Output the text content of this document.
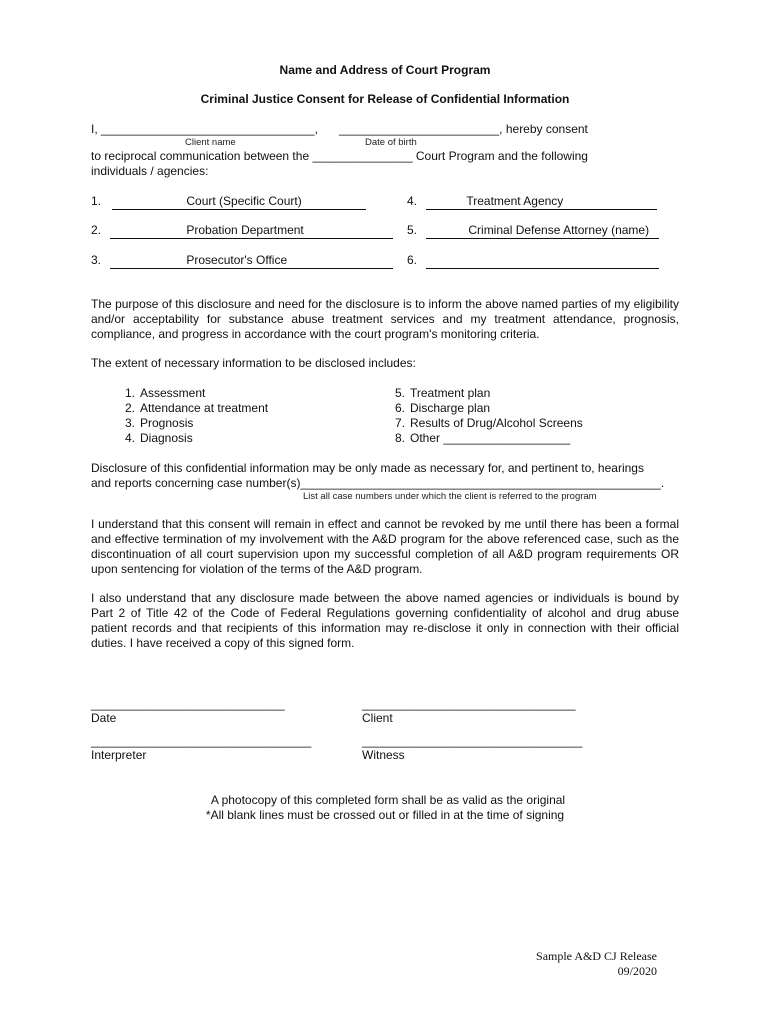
Name and Address of Court Program
Criminal Justice Consent for Release of Confidential Information
I, ________________________________, ________________________, hereby consent
Client name	Date of birth
to reciprocal communication between the _______________ Court Program and the following
individuals / agencies:
1.	Court (Specific Court)

2.	Probation Department

3.	Prosecutor's Office

4.	Treatment Agency

5.	Criminal Defense Attorney (name)

6.
The purpose of this disclosure and need for the disclosure is to inform the above named parties of my eligibility and/or acceptability for substance abuse treatment services and my treatment attendance, prognosis, compliance, and progress in accordance with the court program's monitoring criteria.
The extent of necessary information to be disclosed includes:
1. Assessment
2. Attendance at treatment
3. Prognosis
4. Diagnosis
5. Treatment plan
6. Discharge plan
7. Results of Drug/Alcohol Screens
8. Other ___________________
Disclosure of this confidential information may be only made as necessary for, and pertinent to, hearings
and reports concerning case number(s)______________________________________________________.
List all case numbers under which the client is referred to the program
I understand that this consent will remain in effect and cannot be revoked by me until there has been a formal and effective termination of my involvement with the A&D program for the above referenced case, such as the discontinuation of all court supervision upon my successful completion of all A&D program requirements OR upon sentencing for violation of the terms of the A&D program.
I also understand that any disclosure made between the above named agencies or individuals is bound by Part 2 of Title 42 of the Code of Federal Regulations governing confidentiality of alcohol and drug abuse patient records and that recipients of this information may re-disclose it only in connection with their official duties. I have received a copy of this signed form.
_____________________________
Date
________________________________
Client
_________________________________
Interpreter
_________________________________
Witness
A photocopy of this completed form shall be as valid as the original
*All blank lines must be crossed out or filled in at the time of signing
Sample A&D CJ Release
09/2020
